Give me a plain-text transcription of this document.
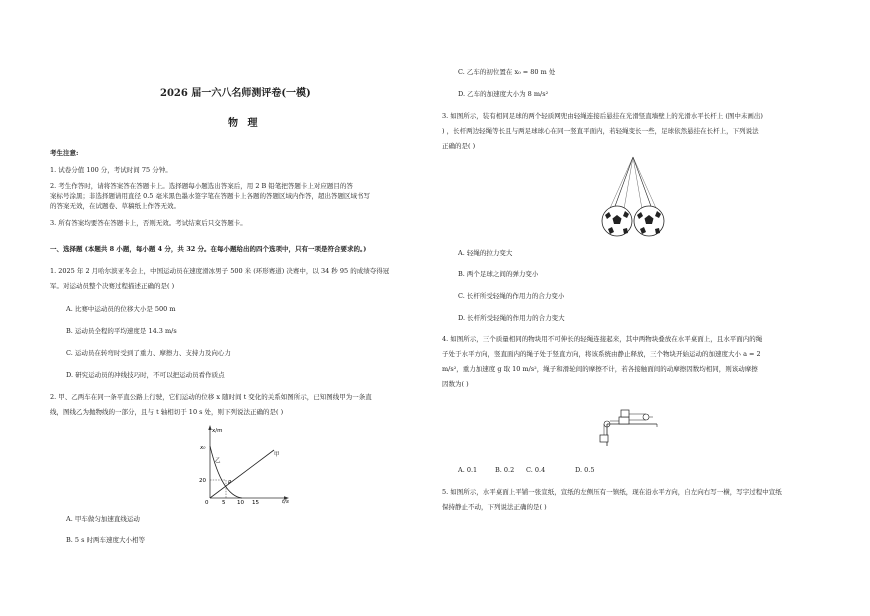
2026 届一六八名师测评卷(一模)
物 理
考生注意:
1. 试卷分值 100 分，考试时间 75 分钟。
2. 考生作答时，请将答案答在答题卡上。选择题每小题选出答案后，用 2 B 铅笔把答题卡上对应题目的答
案标号涂黑；非选择题请用直径 0.5 毫米黑色墨水签字笔在答题卡上各题的答题区域内作答，超出答题区域书写
的答案无效，在试题卷、草稿纸上作答无效。
3. 所有答案均要答在答题卡上，否则无效。考试结束后只交答题卡。
一、选择题 (本题共 8 小题，每小题 4 分，共 32 分。在每小题给出的四个选项中，只有一项是符合要求的。)
1. 2025 年 2 月哈尔滨亚冬会上，中国运动员在速度滑冰男子 500 米 (环形赛道) 决赛中，以 34 秒 95 的成绩夺得冠
军。对运动员整个决赛过程描述正确的是( )
A. 比赛中运动员的位移大小是 500 m
B. 运动员全程的平均速度是 14.3 m/s
C. 运动员在转弯时受到了重力、摩擦力、支持力及向心力
D. 研究运动员的冲线技巧时，不可以把运动员看作质点
2. 甲、乙两车在同一条平直公路上行驶，它们运动的位移 x 随时间 t 变化的关系如图所示，已知图线甲为一条直
线，图线乙为抛物线的一部分，且与 t 轴相切于 10 s 处，则下列说法正确的是( )
x/m
t/s
x₀
20
0 5 10 15
甲
乙
P
A. 甲车做匀加速直线运动
B. 5 s 时两车速度大小相等
C. 乙车的初位置在 x₀ = 80 m 处
D. 乙车的加速度大小为 8 m/s²
3. 如图所示，装有相同足球的两个轻质网兜由轻绳连接后悬挂在光滑竖直墙壁上的光滑水平长杆上 (图中未画出)
) ，长杆两边轻绳等长且与两足球球心在同一竖直平面内，若轻绳变长一些，足球依然悬挂在长杆上，下列说法
正确的是( )
A. 轻绳的拉力变大
B. 两个足球之间的弹力变小
C. 长杆所受轻绳的作用力的合力变小
D. 长杆所受轻绳的作用力的合力变大
4. 如图所示，三个质量相同的物块用不可伸长的轻绳连接起来，其中两物块叠放在水平桌面上，且水平面内的绳
子处于水平方向，竖直面内的绳子处于竖直方向，将该系统由静止释放，三个物块开始运动的加速度大小 a = 2
m/s²，重力加速度 g 取 10 m/s²，绳子和滑轮间的摩擦不计，若各接触面间的动摩擦因数均相同，则该动摩擦
因数为( )
A. 0.1	B. 0.2 C. 0.4	D. 0.5
5. 如图所示，水平桌面上平铺一张宣纸，宣纸的左侧压有一镇纸，现在沿水平方向，自左向右写一横，写字过程中宣纸
保持静止不动，下列说法正确的是( )
